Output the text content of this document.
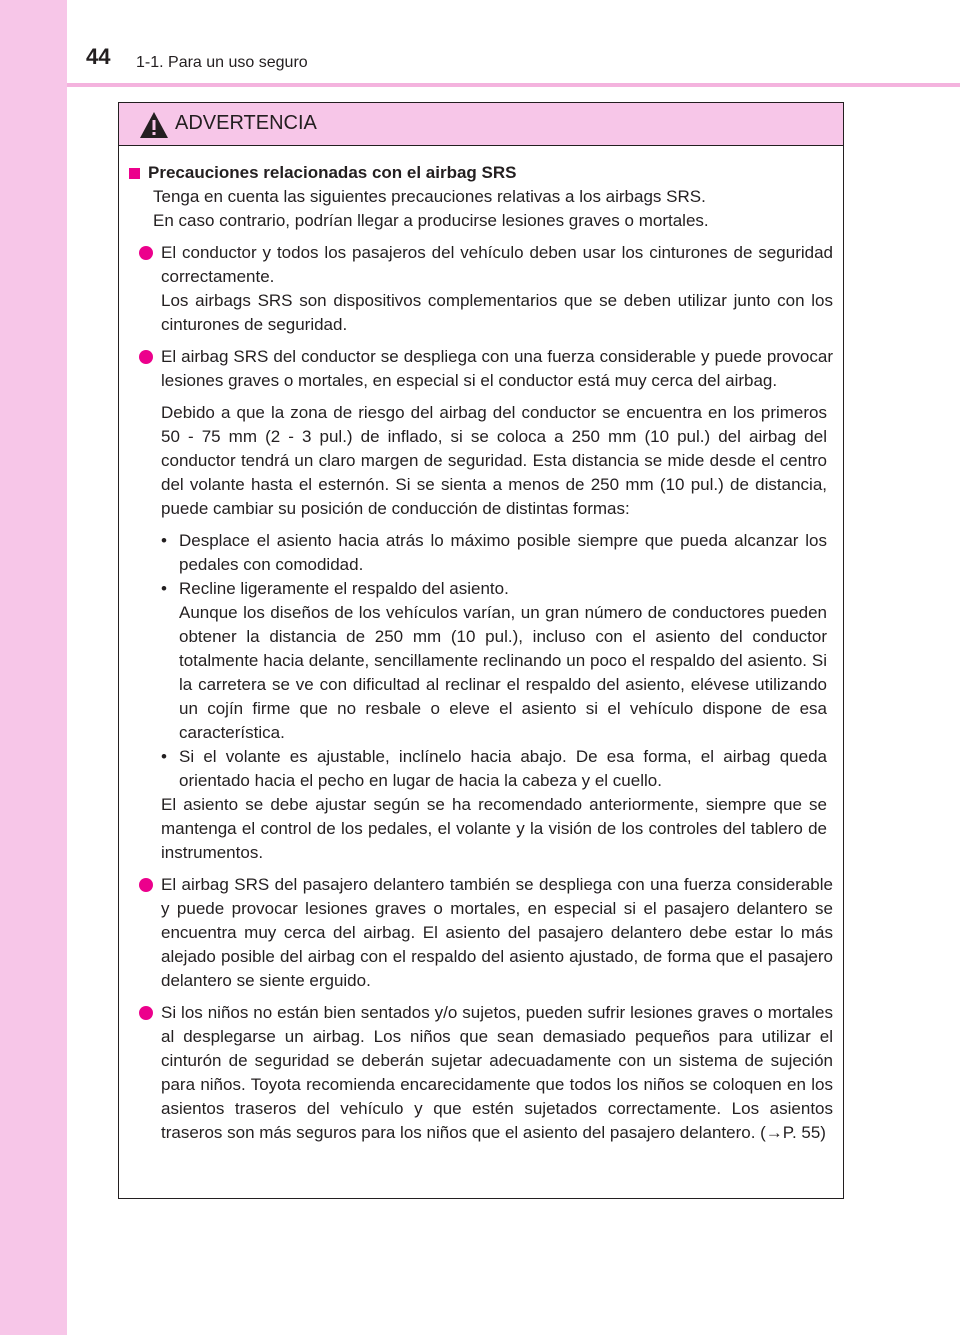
44 1-1. Para un uso seguro
ADVERTENCIA
Precauciones relacionadas con el airbag SRS

Tenga en cuenta las siguientes precauciones relativas a los airbags SRS.

En caso contrario, podrían llegar a producirse lesiones graves o mortales.

El conductor y todos los pasajeros del vehículo deben usar los cinturones de seguridad correctamente.

Los airbags SRS son dispositivos complementarios que se deben utilizar junto con los cinturones de seguridad.

El airbag SRS del conductor se despliega con una fuerza considerable y puede provocar lesiones graves o mortales, en especial si el conductor está muy cerca del airbag.

Debido a que la zona de riesgo del airbag del conductor se encuentra en los primeros 50 - 75 mm (2 - 3 pul.) de inflado, si se coloca a 250 mm (10 pul.) del airbag del conductor tendrá un claro margen de seguridad. Esta distancia se mide desde el centro del volante hasta el esternón. Si se sienta a menos de 250 mm (10 pul.) de distancia, puede cambiar su posición de conducción de distintas formas:

• Desplace el asiento hacia atrás lo máximo posible siempre que pueda alcanzar los pedales con comodidad.

• Recline ligeramente el respaldo del asiento.

Aunque los diseños de los vehículos varían, un gran número de conductores pueden obtener la distancia de 250 mm (10 pul.), incluso con el asiento del conductor totalmente hacia delante, sencillamente reclinando un poco el respaldo del asiento. Si la carretera se ve con dificultad al reclinar el respaldo del asiento, elévese utilizando un cojín firme que no resbale o eleve el asiento si el vehículo dispone de esa característica.

• Si el volante es ajustable, inclínelo hacia abajo. De esa forma, el airbag queda orientado hacia el pecho en lugar de hacia la cabeza y el cuello.

El asiento se debe ajustar según se ha recomendado anteriormente, siempre que se mantenga el control de los pedales, el volante y la visión de los controles del tablero de instrumentos.

El airbag SRS del pasajero delantero también se despliega con una fuerza considerable y puede provocar lesiones graves o mortales, en especial si el pasajero delantero se encuentra muy cerca del airbag. El asiento del pasajero delantero debe estar lo más alejado posible del airbag con el respaldo del asiento ajustado, de forma que el pasajero delantero se siente erguido.

Si los niños no están bien sentados y/o sujetos, pueden sufrir lesiones graves o mortales al desplegarse un airbag. Los niños que sean demasiado pequeños para utilizar el cinturón de seguridad se deberán sujetar adecuadamente con un sistema de sujeción para niños. Toyota recomienda encarecidamente que todos los niños se coloquen en los asientos traseros del vehículo y que estén sujetados correctamente. Los asientos traseros son más seguros para los niños que el asiento del pasajero delantero. (→P. 55)
